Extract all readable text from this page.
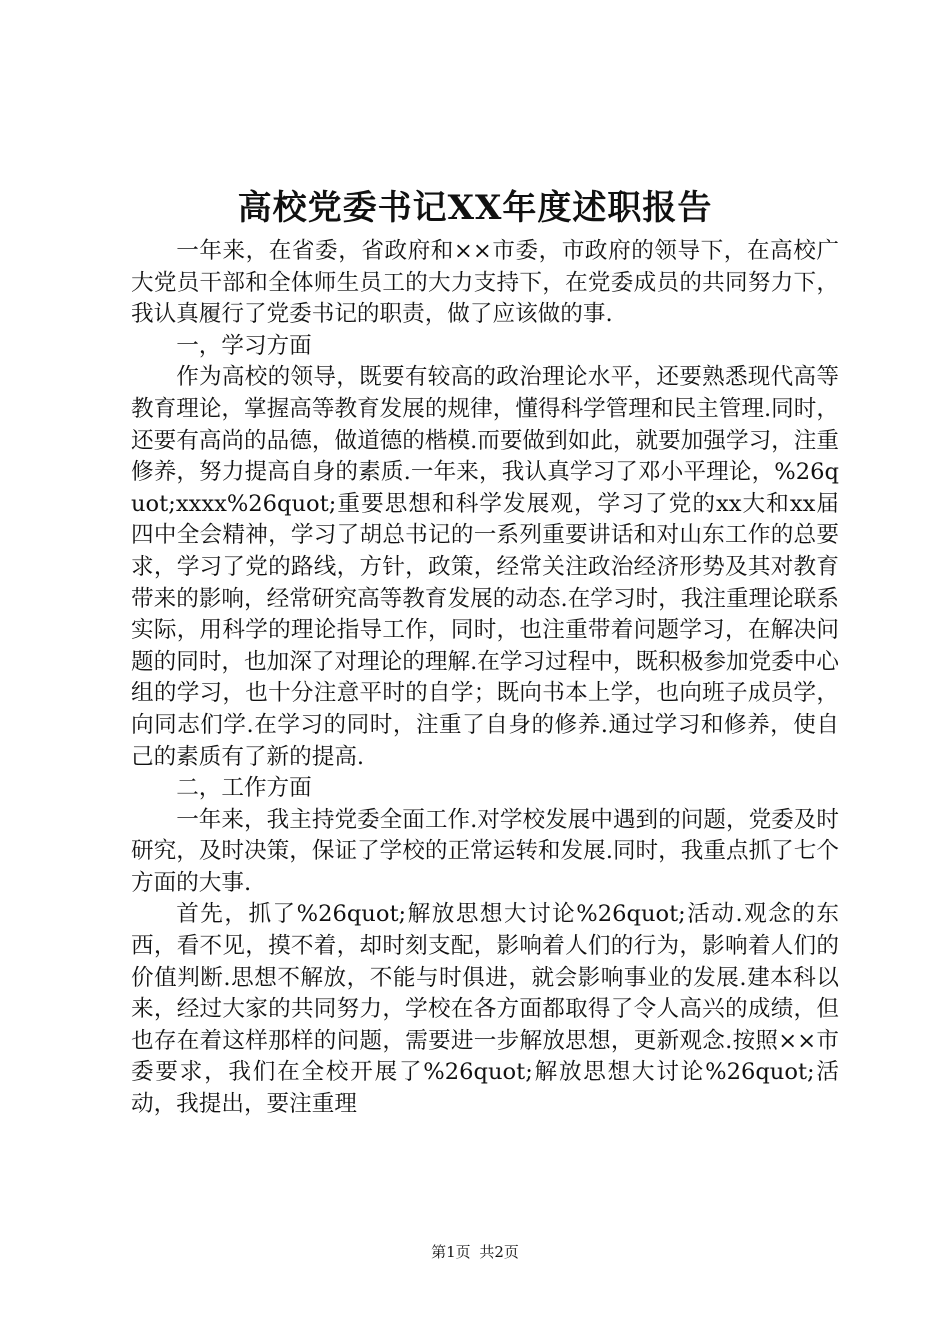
高校党委书记XX年度述职报告

一年来，在省委，省政府和××市委，市政府的领导下，在高校广大党员干部和全体师生员工的大力支持下，在党委成员的共同努力下，我认真履行了党委书记的职责，做了应该做的事.

一，学习方面

作为高校的领导，既要有较高的政治理论水平，还要熟悉现代高等教育理论，掌握高等教育发展的规律，懂得科学管理和民主管理.同时，还要有高尚的品德，做道德的楷模.而要做到如此，就要加强学习，注重修养，努力提高自身的素质.一年来，我认真学习了邓小平理论，%26quot;xxxx%26quot;重要思想和科学发展观，学习了党的xx大和xx届四中全会精神，学习了胡总书记的一系列重要讲话和对山东工作的总要求，学习了党的路线，方针，政策，经常关注政治经济形势及其对教育带来的影响，经常研究高等教育发展的动态.在学习时，我注重理论联系实际，用科学的理论指导工作，同时，也注重带着问题学习，在解决问题的同时，也加深了对理论的理解.在学习过程中，既积极参加党委中心组的学习，也十分注意平时的自学；既向书本上学，也向班子成员学，向同志们学.在学习的同时，注重了自身的修养.通过学习和修养，使自己的素质有了新的提高.

二，工作方面

一年来，我主持党委全面工作.对学校发展中遇到的问题，党委及时研究，及时决策，保证了学校的正常运转和发展.同时，我重点抓了七个方面的大事.

首先，抓了%26quot;解放思想大讨论%26quot;活动.观念的东西，看不见，摸不着，却时刻支配，影响着人们的行为，影响着人们的价值判断.思想不解放，不能与时俱进，就会影响事业的发展.建本科以来，经过大家的共同努力，学校在各方面都取得了令人高兴的成绩，但也存在着这样那样的问题，需要进一步解放思想，更新观念.按照××市委要求，我们在全校开展了%26quot;解放思想大讨论%26quot;活动，我提出，要注重理

第1页 共2页
